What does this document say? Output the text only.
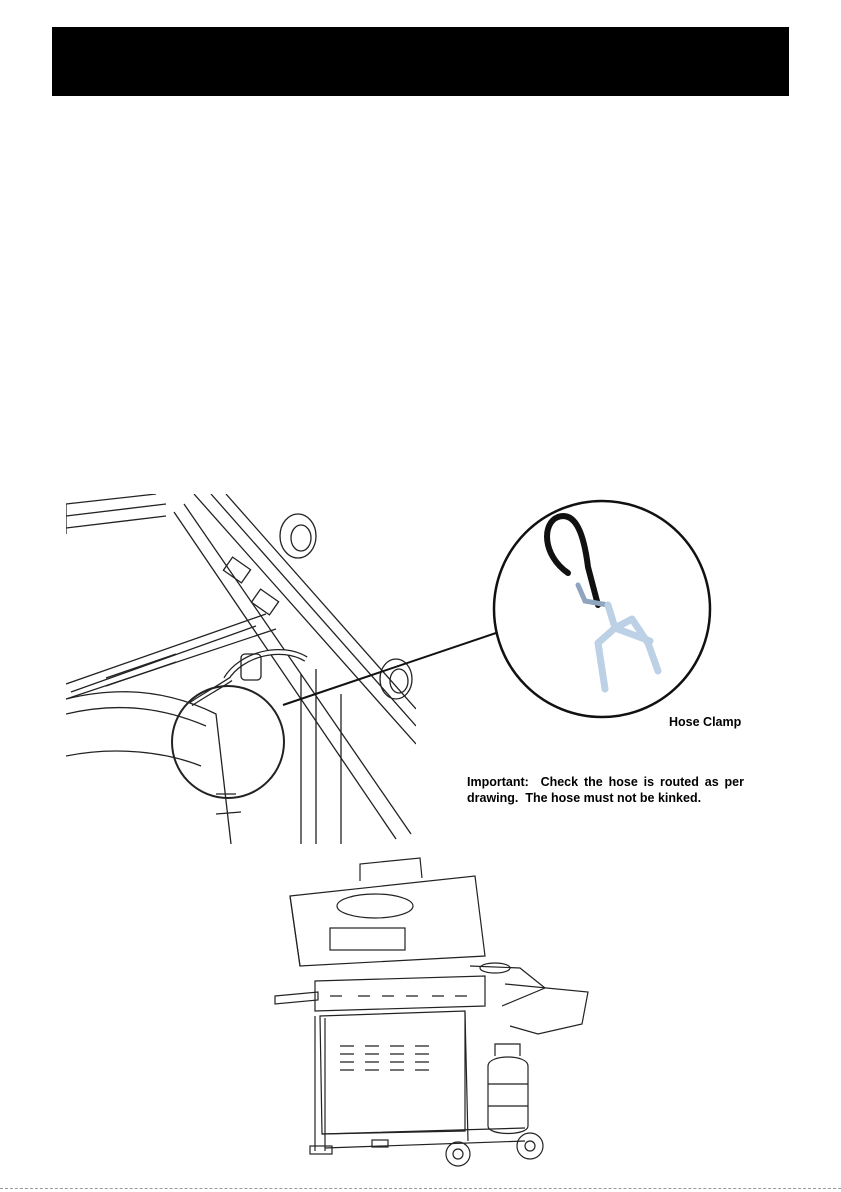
Hose Clamp
Important:  Check the hose is routed as per drawing.  The hose must not be kinked.
